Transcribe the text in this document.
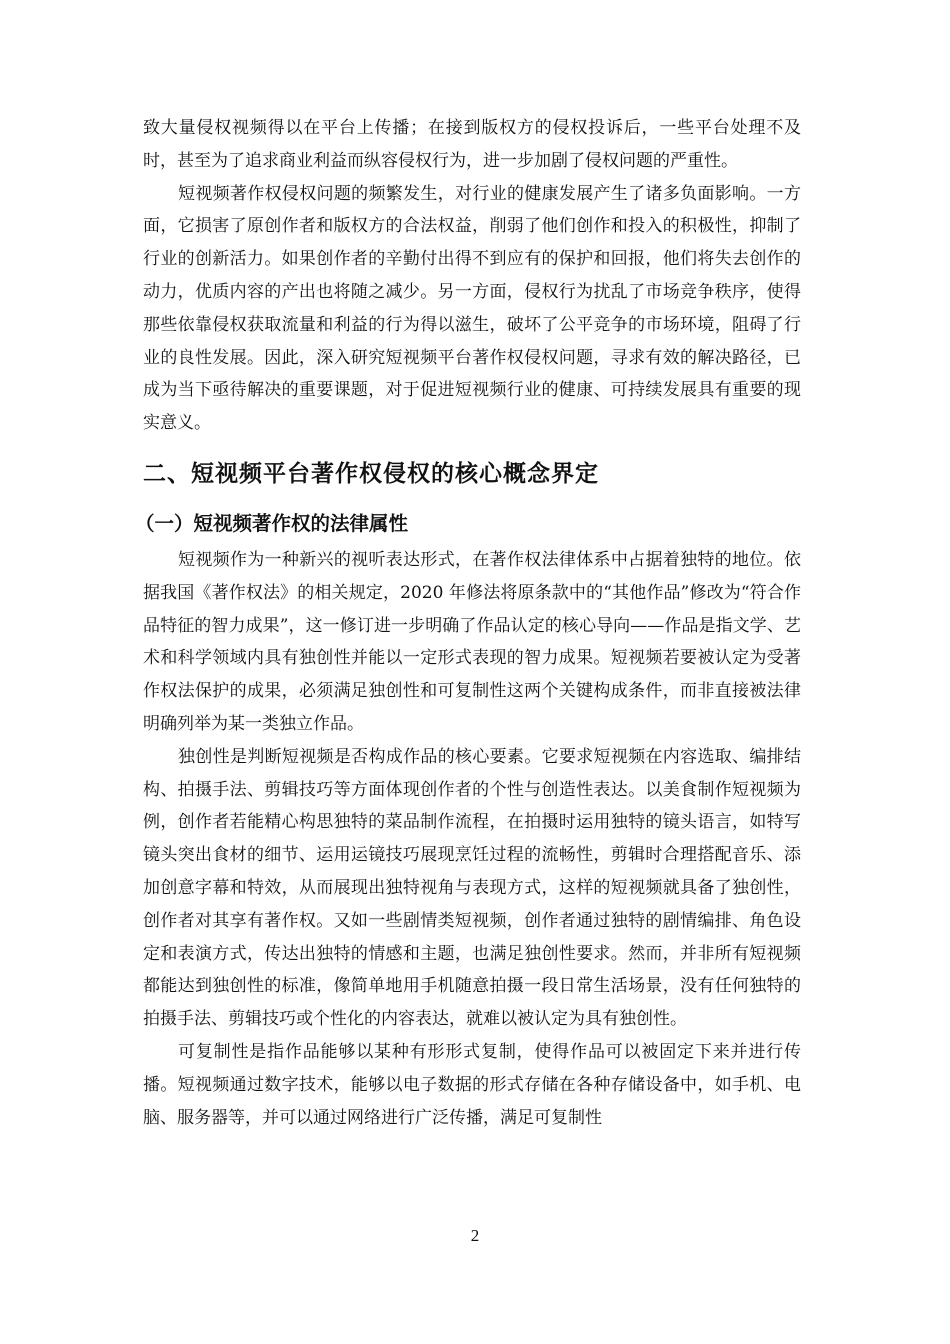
致大量侵权视频得以在平台上传播；在接到版权方的侵权投诉后，一些平台处理不及时，甚至为了追求商业利益而纵容侵权行为，进一步加剧了侵权问题的严重性。

短视频著作权侵权问题的频繁发生，对行业的健康发展产生了诸多负面影响。一方面，它损害了原创作者和版权方的合法权益，削弱了他们创作和投入的积极性，抑制了行业的创新活力。如果创作者的辛勤付出得不到应有的保护和回报，他们将失去创作的动力，优质内容的产出也将随之减少。另一方面，侵权行为扰乱了市场竞争秩序，使得那些依靠侵权获取流量和利益的行为得以滋生，破坏了公平竞争的市场环境，阻碍了行业的良性发展。因此，深入研究短视频平台著作权侵权问题，寻求有效的解决路径，已成为当下亟待解决的重要课题，对于促进短视频行业的健康、可持续发展具有重要的现实意义。

二、短视频平台著作权侵权的核心概念界定
（一）短视频著作权的法律属性

短视频作为一种新兴的视听表达形式，在著作权法律体系中占据着独特的地位。依据我国《著作权法》的相关规定，2020 年修法将原条款中的“其他作品”修改为“符合作品特征的智力成果”，这一修订进一步明确了作品认定的核心导向——作品是指文学、艺术和科学领域内具有独创性并能以一定形式表现的智力成果。短视频若要被认定为受著作权法保护的成果，必须满足独创性和可复制性这两个关键构成条件，而非直接被法律明确列举为某一类独立作品。

独创性是判断短视频是否构成作品的核心要素。它要求短视频在内容选取、编排结构、拍摄手法、剪辑技巧等方面体现创作者的个性与创造性表达。以美食制作短视频为例，创作者若能精心构思独特的菜品制作流程，在拍摄时运用独特的镜头语言，如特写镜头突出食材的细节、运用运镜技巧展现烹饪过程的流畅性，剪辑时合理搭配音乐、添加创意字幕和特效，从而展现出独特视角与表现方式，这样的短视频就具备了独创性，创作者对其享有著作权。又如一些剧情类短视频，创作者通过独特的剧情编排、角色设定和表演方式，传达出独特的情感和主题，也满足独创性要求。然而，并非所有短视频都能达到独创性的标准，像简单地用手机随意拍摄一段日常生活场景，没有任何独特的拍摄手法、剪辑技巧或个性化的内容表达，就难以被认定为具有独创性。

可复制性是指作品能够以某种有形形式复制，使得作品可以被固定下来并进行传播。短视频通过数字技术，能够以电子数据的形式存储在各种存储设备中，如手机、电脑、服务器等，并可以通过网络进行广泛传播，满足可复制性

2
